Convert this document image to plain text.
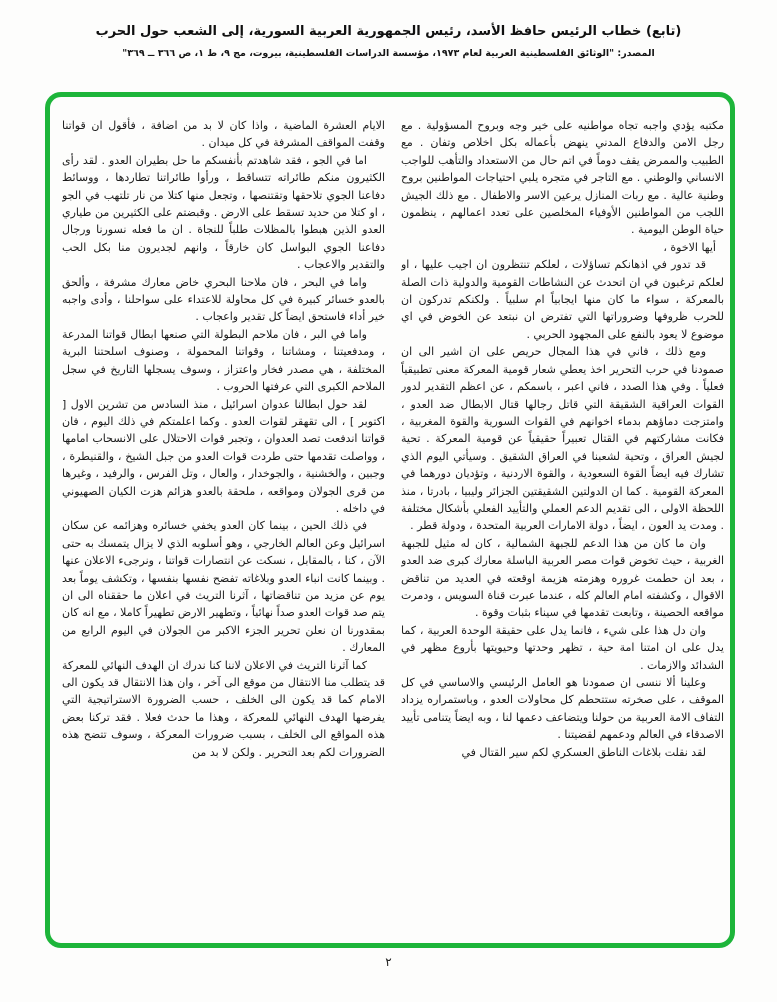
(تابع) خطاب الرئيس حافظ الأسد، رئيس الجمهورية العربية السورية، إلى الشعب حول الحرب
المصدر: "الوثائق الفلسطينية العربية لعام ١٩٧٣، مؤسسة الدراسات الفلسطينية، بيروت، مج ٩، ط ١، ص ٣٦٦ ــ ٣٦٩"

مكتبه يؤدي واجبه تجاه مواطنيه على خير وجه وبروح المسؤولية . مع رجل الامن والدفاع المدني ينهض بأعماله بكل اخلاص وتفان . مع الطبيب والممرض يقف دوماً في اتم حال من الاستعداد والتأهب للواجب الانساني والوطني . مع التاجر في متجره يلبي احتياجات المواطنين بروح وطنية عالية . مع ربات المنازل يرعين الاسر والاطفال . مع ذلك الجيش اللجب من المواطنين الأوفياء المخلصين على تعدد اعمالهم ، ينظمون حياة الوطن اليومية .

أيها الاخوة ،

قد تدور في اذهانكم تساؤلات ، لعلكم تنتظرون ان اجيب عليها ، او لعلكم ترغبون في ان اتحدث عن النشاطات القومية والدولية ذات الصلة بالمعركة ، سواء ما كان منها ايجابياً ام سلبياً . ولكنكم تدركون ان للحرب ظروفها وضروراتها التي تفترض ان نبتعد عن الخوض في اي موضوع لا يعود بالنفع على المجهود الحربي .

ومع ذلك ، فاني في هذا المجال حريص على ان اشير الى ان صمودنا في حرب التحرير اخذ يعطي شعار قومية المعركة معنى تطبيقياً فعلياً . وفي هذا الصدد ، فاني اعبر ، باسمكم ، عن اعظم التقدير لدور القوات العراقية الشقيقة التي قاتل رجالها قتال الابطال ضد العدو ، وامتزجت دماؤهم بدماء اخوانهم في القوات السورية والقوة المغربية ، فكانت مشاركتهم في القتال تعبيراً حقيقياً عن قومية المعركة . تحية لجيش العراق ، وتحية لشعبنا في العراق الشقيق . وسيأتي اليوم الذي تشارك فيه ايضاً القوة السعودية ، والقوة الاردنية ، وتؤديان دورهما في المعركة القومية . كما ان الدولتين الشقيقتين الجزائر وليبيا ، بادرتا ، منذ اللحظة الاولى ، الى تقديم الدعم العملي والتأييد الفعلي بأشكال مختلفة . ومدت يد العون ، ايضاً ، دولة الامارات العربية المتحدة ، ودولة قطر .

وان ما كان من هذا الدعم للجبهة الشمالية ، كان له مثيل للجبهة الغربية ، حيث تخوض قوات مصر العربية الباسلة معارك كبرى ضد العدو ، بعد ان حطمت غروره وهزمته هزيمة اوقعته في العديد من تناقض الاقوال ، وكشفته امام العالم كله ، عندما عبرت قناة السويس ، ودمرت مواقعه الحصينة ، وتابعت تقدمها في سيناء بثبات وقوة .

وان دل هذا على شيء ، فانما يدل على حقيقة الوحدة العربية ، كما يدل على ان امتنا امة حية ، تظهر وحدتها وحيويتها بأروع مظهر في الشدائد والازمات .

وعلينا ألا ننسى ان صمودنا هو العامل الرئيسي والاساسي في كل الموقف ، على صخرته ستتحطم كل محاولات العدو ، وباستمراره يزداد التفاف الامة العربية من حولنا ويتضاعف دعمها لنا ، وبه ايضاً يتنامى تأييد الاصدقاء في العالم ودعمهم لقضيتنا .

لقد نقلت بلاغات الناطق العسكري لكم سير القتال في

الايام العشرة الماضية ، واذا كان لا بد من اضافة ، فأقول ان قواتنا وقفت المواقف المشرفة في كل ميدان .

اما في الجو ، فقد شاهدتم بأنفسكم ما حل بطيران العدو . لقد رأى الكثيرون منكم طائراته تتساقط ، ورأوا طائراتنا تطاردها ، ووسائط دفاعنا الجوي تلاحقها وتقتنصها ، وتجعل منها كتلا من نار تلتهب في الجو ، او كتلا من حديد تسقط على الارض . وقبضتم على الكثيرين من طياري العدو الذين هبطوا بالمظلات طلباً للنجاة . ان ما فعله نسورنا ورجال دفاعنا الجوي البواسل كان خارقاً ، وانهم لجديرون منا بكل الحب والتقدير والاعجاب .

واما في البحر ، فان ملاحنا البحري خاض معارك مشرفة ، وألحق بالعدو خسائر كبيرة في كل محاولة للاعتداء على سواحلنا ، وأدى واجبه خير أداء فاستحق ايضاً كل تقدير واعجاب .

واما في البر ، فان ملاحم البطولة التي صنعها ابطال قواتنا المدرعة ، ومدفعيتنا ، ومشاتنا ، وقواتنا المحمولة ، وصنوف اسلحتنا البرية المختلفة ، هي مصدر فخار واعتزاز ، وسوف يسجلها التاريخ في سجل الملاحم الكبرى التي عرفتها الحروب .

لقد حول ابطالنا عدوان اسرائيل ، منذ السادس من تشرين الاول [ اكتوبر ] ، الى تقهقر لقوات العدو . وكما اعلمتكم في ذلك اليوم ، فان قواتنا اندفعت تصد العدوان ، وتجبر قوات الاحتلال على الانسحاب امامها ، وواصلت تقدمها حتى طردت قوات العدو من جبل الشيخ ، والقنيطرة ، وجبين ، والخشنية ، والجوخدار ، والعال ، وتل الفرس ، والرفيد ، وغيرها من قرى الجولان ومواقعه ، ملحقة بالعدو هزائم هزت الكيان الصهيوني في داخله .

في ذلك الحين ، بينما كان العدو يخفي خسائره وهزائمه عن سكان اسرائيل وعن العالم الخارجي ، وهو أسلوبه الذي لا يزال يتمسك به حتى الآن ، كنا ، بالمقابل ، نسكت عن انتصارات قواتنا ، ونرجىء الاعلان عنها . وبينما كانت انباء العدو وبلاغاته تفضح نفسها بنفسها ، وتكشف يوماً بعد يوم عن مزيد من تناقضاتها ، آثرنا التريث في اعلان ما حققناه الى ان يتم صد قوات العدو صداً نهائياً ، وتطهير الارض تطهيراً كاملا ، مع انه كان بمقدورنا ان نعلن تحرير الجزء الاكبر من الجولان في اليوم الرابع من المعارك .

كما آثرنا التريث في الاعلان لاننا كنا ندرك ان الهدف النهائي للمعركة قد يتطلب منا الانتقال من موقع الى آخر ، وان هذا الانتقال قد يكون الى الامام كما قد يكون الى الخلف ، حسب الضرورة الاستراتيجية التي يفرضها الهدف النهائي للمعركة ، وهذا ما حدث فعلا . فقد تركنا بعض هذه المواقع الى الخلف ، بسبب ضرورات المعركة ، وسوف تتضح هذه الضرورات لكم بعد التحرير . ولكن لا بد من

٢
